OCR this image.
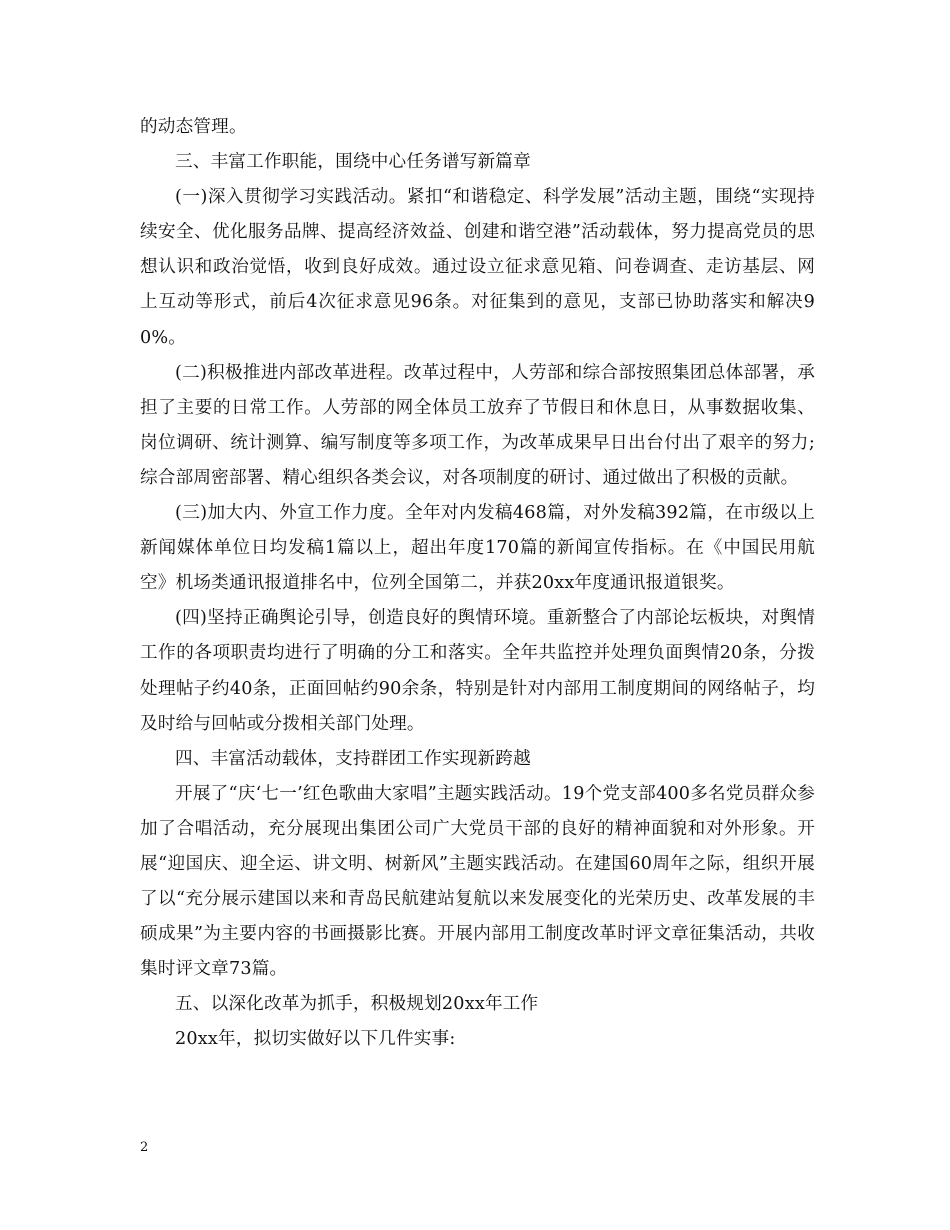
的动态管理。

三、丰富工作职能，围绕中心任务谱写新篇章

(一)深入贯彻学习实践活动。紧扣“和谐稳定、科学发展”活动主题，围绕“实现持续安全、优化服务品牌、提高经济效益、创建和谐空港”活动载体，努力提高党员的思想认识和政治觉悟，收到良好成效。通过设立征求意见箱、问卷调查、走访基层、网上互动等形式，前后4次征求意见96条。对征集到的意见，支部已协助落实和解决90%。

(二)积极推进内部改革进程。改革过程中，人劳部和综合部按照集团总体部署，承担了主要的日常工作。人劳部的网全体员工放弃了节假日和休息日，从事数据收集、岗位调研、统计测算、编写制度等多项工作，为改革成果早日出台付出了艰辛的努力;综合部周密部署、精心组织各类会议，对各项制度的研讨、通过做出了积极的贡献。

(三)加大内、外宣工作力度。全年对内发稿468篇，对外发稿392篇，在市级以上新闻媒体单位日均发稿1篇以上，超出年度170篇的新闻宣传指标。在《中国民用航空》机场类通讯报道排名中，位列全国第二，并获20xx年度通讯报道银奖。

(四)坚持正确舆论引导，创造良好的舆情环境。重新整合了内部论坛板块，对舆情工作的各项职责均进行了明确的分工和落实。全年共监控并处理负面舆情20条，分拨处理帖子约40条，正面回帖约90余条，特别是针对内部用工制度期间的网络帖子，均及时给与回帖或分拨相关部门处理。

四、丰富活动载体，支持群团工作实现新跨越

开展了“庆‘七一’红色歌曲大家唱”主题实践活动。19个党支部400多名党员群众参加了合唱活动，充分展现出集团公司广大党员干部的良好的精神面貌和对外形象。开展“迎国庆、迎全运、讲文明、树新风”主题实践活动。在建国60周年之际，组织开展了以“充分展示建国以来和青岛民航建站复航以来发展变化的光荣历史、改革发展的丰硕成果”为主要内容的书画摄影比赛。开展内部用工制度改革时评文章征集活动，共收集时评文章73篇。

五、以深化改革为抓手，积极规划20xx年工作

20xx年，拟切实做好以下几件实事:

2
